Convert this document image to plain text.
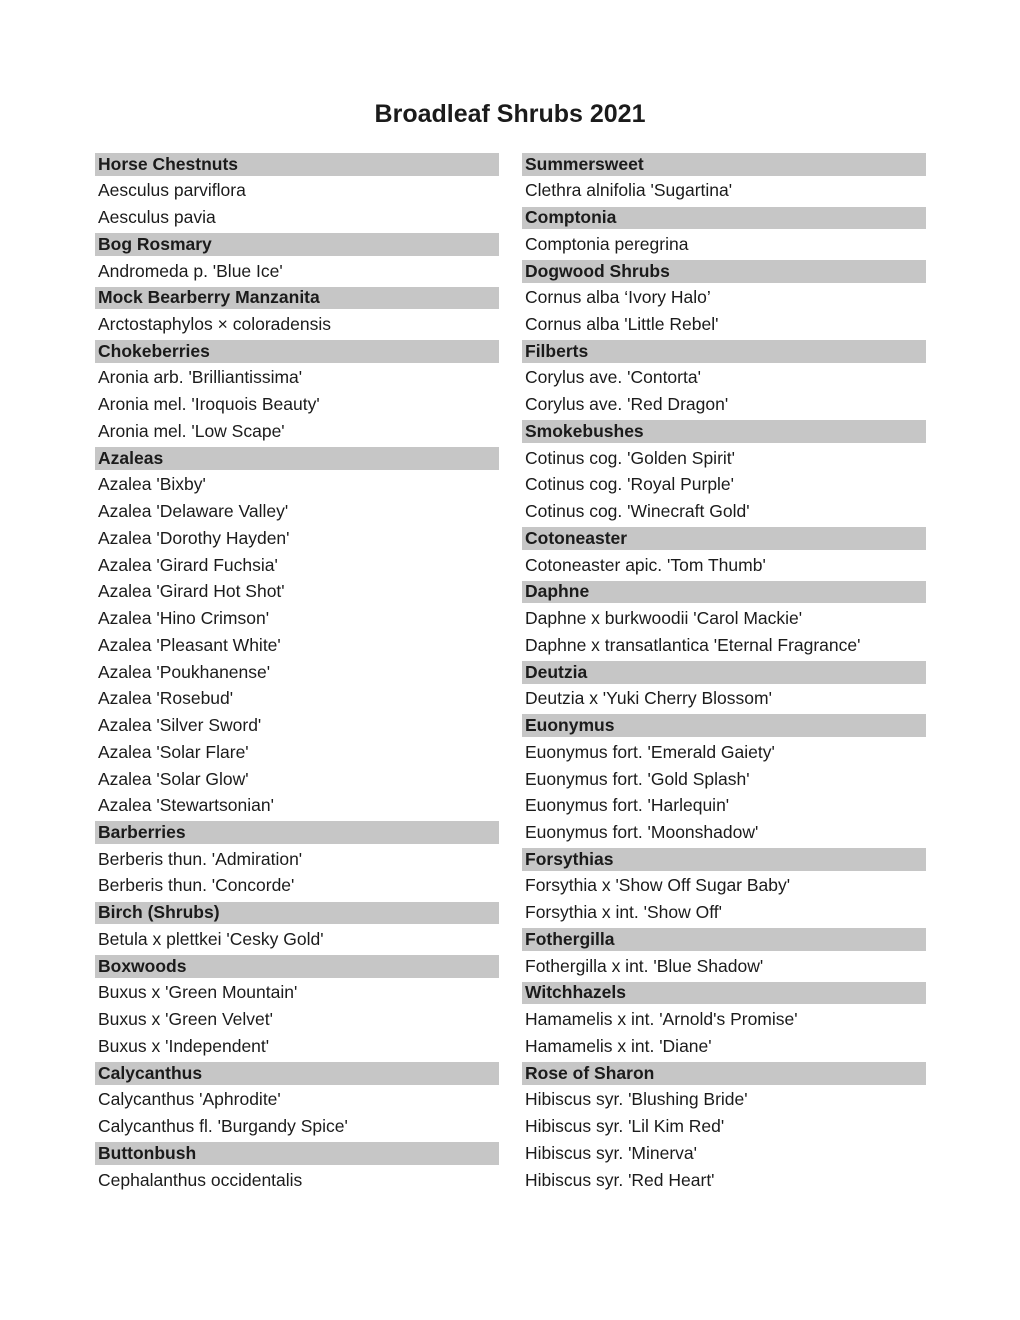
Broadleaf Shrubs 2021
Horse Chestnuts
Aesculus parviflora
Aesculus pavia
Bog Rosmary
Andromeda p. 'Blue Ice'
Mock Bearberry Manzanita
Arctostaphylos × coloradensis
Chokeberries
Aronia arb. 'Brilliantissima'
Aronia mel. 'Iroquois Beauty'
Aronia mel. 'Low Scape'
Azaleas
Azalea 'Bixby'
Azalea 'Delaware Valley'
Azalea 'Dorothy Hayden'
Azalea 'Girard Fuchsia'
Azalea 'Girard Hot Shot'
Azalea 'Hino Crimson'
Azalea 'Pleasant White'
Azalea 'Poukhanense'
Azalea 'Rosebud'
Azalea 'Silver Sword'
Azalea 'Solar Flare'
Azalea 'Solar Glow'
Azalea 'Stewartsonian'
Barberries
Berberis thun. 'Admiration'
Berberis thun. 'Concorde'
Birch (Shrubs)
Betula x plettkei 'Cesky Gold'
Boxwoods
Buxus x 'Green Mountain'
Buxus x 'Green Velvet'
Buxus x 'Independent'
Calycanthus
Calycanthus 'Aphrodite'
Calycanthus fl. 'Burgandy Spice'
Buttonbush
Cephalanthus occidentalis
Summersweet
Clethra alnifolia 'Sugartina'
Comptonia
Comptonia peregrina
Dogwood Shrubs
Cornus alba ‘Ivory Halo’
Cornus alba 'Little Rebel'
Filberts
Corylus ave. 'Contorta'
Corylus ave. 'Red Dragon'
Smokebushes
Cotinus cog. 'Golden Spirit'
Cotinus cog. 'Royal Purple'
Cotinus cog. 'Winecraft Gold'
Cotoneaster
Cotoneaster apic. 'Tom Thumb'
Daphne
Daphne x burkwoodii 'Carol Mackie'
Daphne x transatlantica 'Eternal Fragrance'
Deutzia
Deutzia x 'Yuki Cherry Blossom'
Euonymus
Euonymus fort. 'Emerald Gaiety'
Euonymus fort. 'Gold Splash'
Euonymus fort. 'Harlequin'
Euonymus fort. 'Moonshadow'
Forsythias
Forsythia x 'Show Off Sugar Baby'
Forsythia x int. 'Show Off'
Fothergilla
Fothergilla x int. 'Blue Shadow'
Witchhazels
Hamamelis x int. 'Arnold's Promise'
Hamamelis x int. 'Diane'
Rose of Sharon
Hibiscus syr. 'Blushing Bride'
Hibiscus syr. 'Lil Kim Red'
Hibiscus syr. 'Minerva'
Hibiscus syr. 'Red Heart'
